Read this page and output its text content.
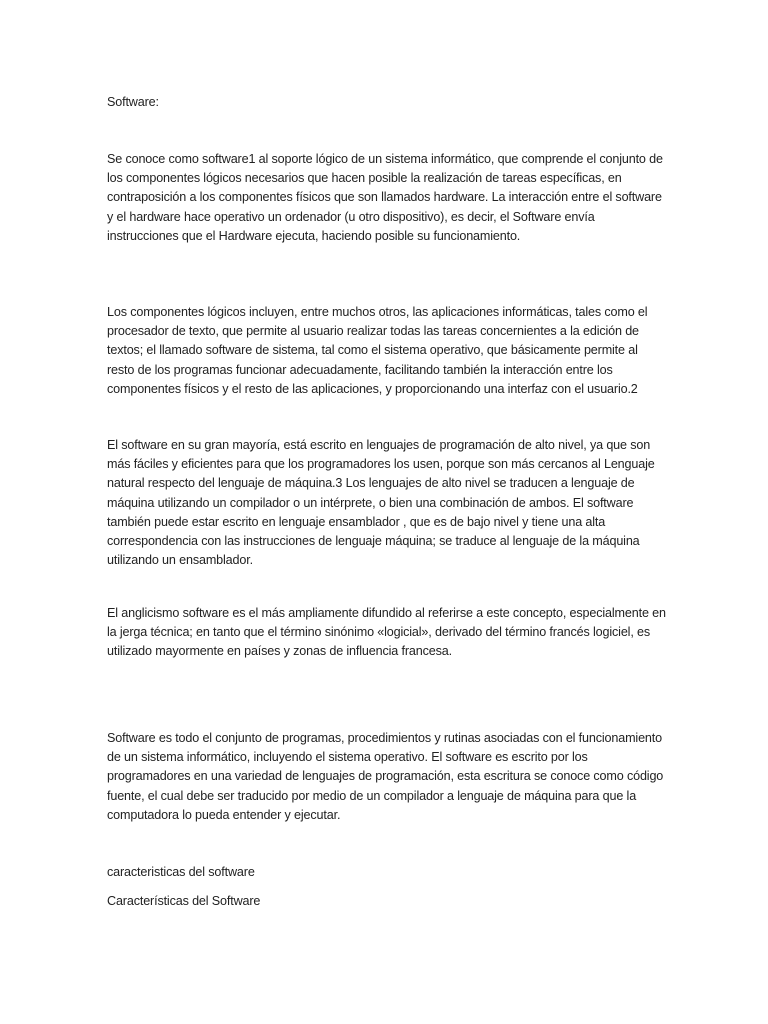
Software:

Se conoce como software1 al soporte lógico de un sistema informático, que comprende el conjunto de los componentes lógicos necesarios que hacen posible la realización de tareas específicas, en contraposición a los componentes físicos que son llamados hardware. La interacción entre el software y el hardware hace operativo un ordenador (u otro dispositivo), es decir, el Software envía instrucciones que el Hardware ejecuta, haciendo posible su funcionamiento.

Los componentes lógicos incluyen, entre muchos otros, las aplicaciones informáticas, tales como el procesador de texto, que permite al usuario realizar todas las tareas concernientes a la edición de textos; el llamado software de sistema, tal como el sistema operativo, que básicamente permite al resto de los programas funcionar adecuadamente, facilitando también la interacción entre los componentes físicos y el resto de las aplicaciones, y proporcionando una interfaz con el usuario.2

El software en su gran mayoría, está escrito en lenguajes de programación de alto nivel, ya que son más fáciles y eficientes para que los programadores los usen, porque son más cercanos al Lenguaje natural respecto del lenguaje de máquina.3 Los lenguajes de alto nivel se traducen a lenguaje de máquina utilizando un compilador o un intérprete, o bien una combinación de ambos. El software también puede estar escrito en lenguaje ensamblador , que es de bajo nivel y tiene una alta correspondencia con las instrucciones de lenguaje máquina; se traduce al lenguaje de la máquina utilizando un ensamblador.

El anglicismo software es el más ampliamente difundido al referirse a este concepto, especialmente en la jerga técnica; en tanto que el término sinónimo «logicial», derivado del término francés logiciel, es utilizado mayormente en países y zonas de influencia francesa.

Software es todo el conjunto de programas, procedimientos y rutinas asociadas con el funcionamiento de un sistema informático, incluyendo el sistema operativo. El software es escrito por los programadores en una variedad de lenguajes de programación, esta escritura se conoce como código fuente, el cual debe ser traducido por medio de un compilador a lenguaje de máquina para que la computadora lo pueda entender y ejecutar.

caracteristicas del software

Características del Software
